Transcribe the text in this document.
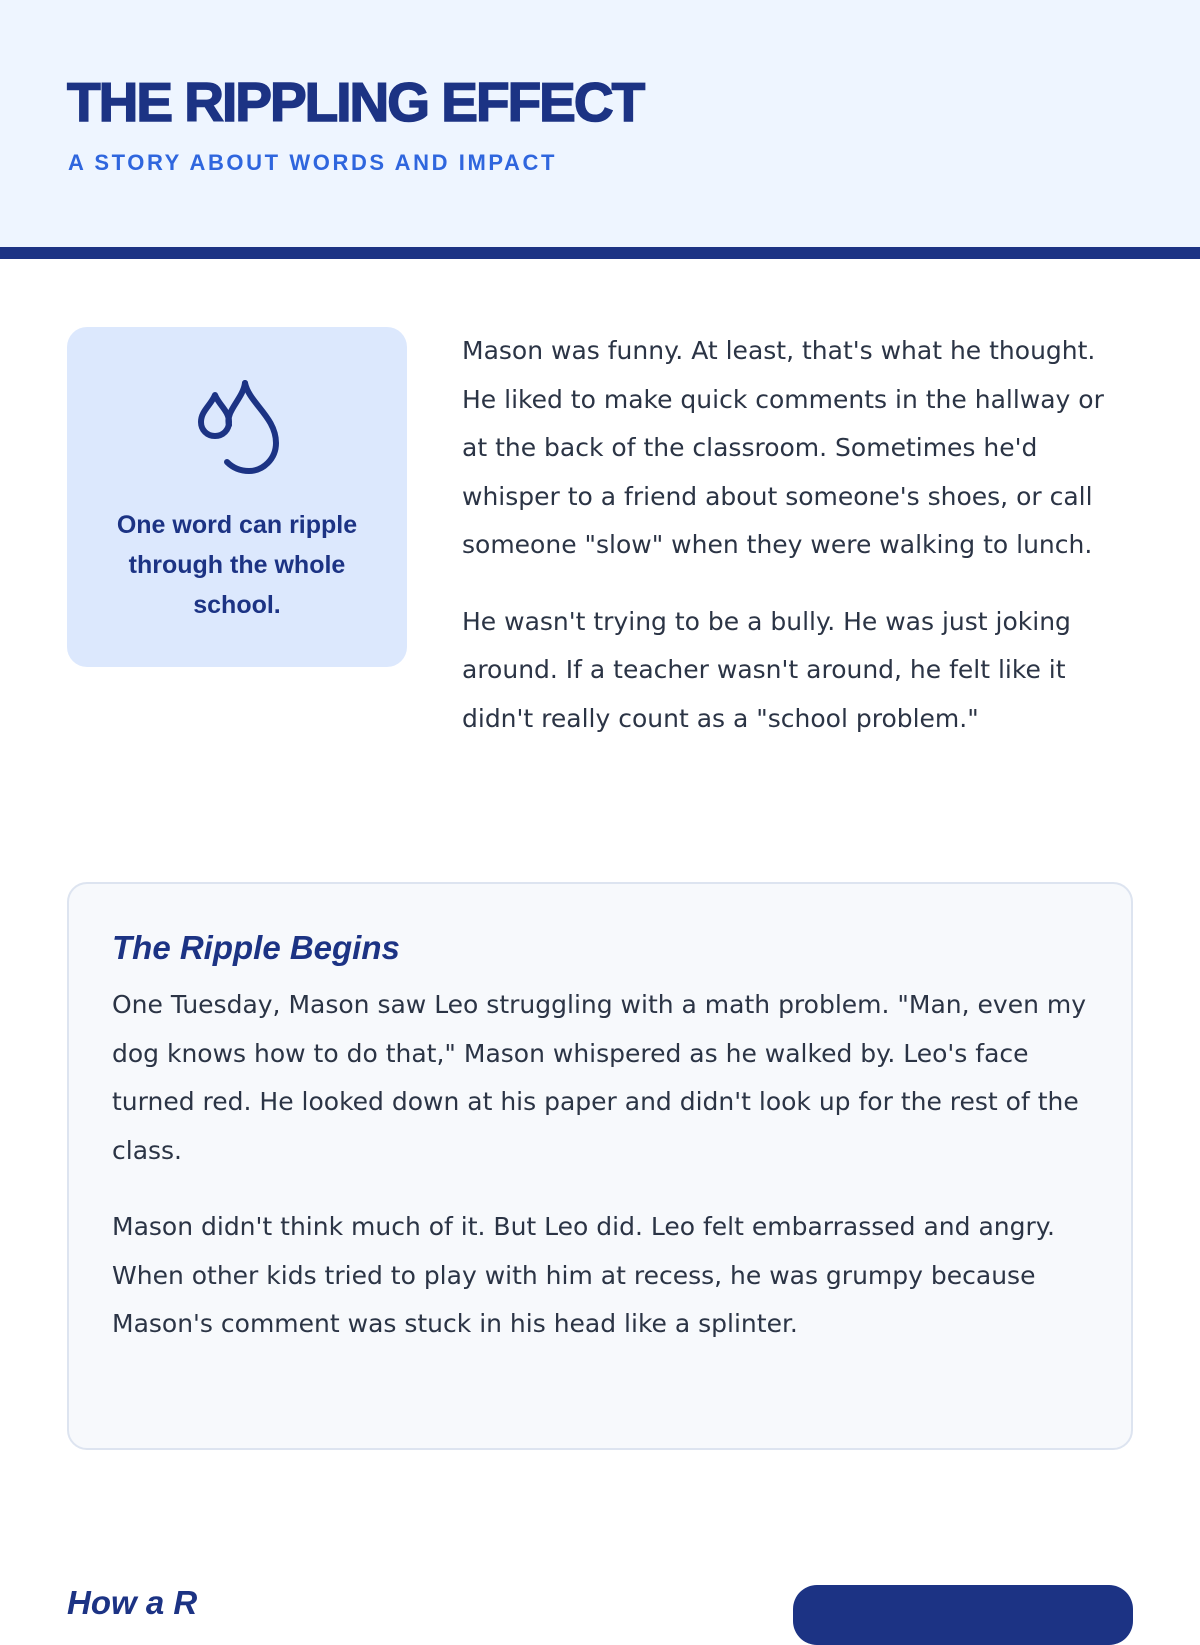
THE RIPPLING EFFECT

A STORY ABOUT WORDS AND IMPACT

One word can ripple through the whole school.

Mason was funny. At least, that's what he thought. He liked to make quick comments in the hallway or at the back of the classroom. Sometimes he'd whisper to a friend about someone's shoes, or call someone "slow" when they were walking to lunch.

He wasn't trying to be a bully. He was just joking around. If a teacher wasn't around, he felt like it didn't really count as a "school problem."

The Ripple Begins

One Tuesday, Mason saw Leo struggling with a math problem. "Man, even my dog knows how to do that," Mason whispered as he walked by. Leo's face turned red. He looked down at his paper and didn't look up for the rest of the class.

Mason didn't think much of it. But Leo did. Leo felt embarrassed and angry. When other kids tried to play with him at recess, he was grumpy because Mason's comment was stuck in his head like a splinter.

How a R
